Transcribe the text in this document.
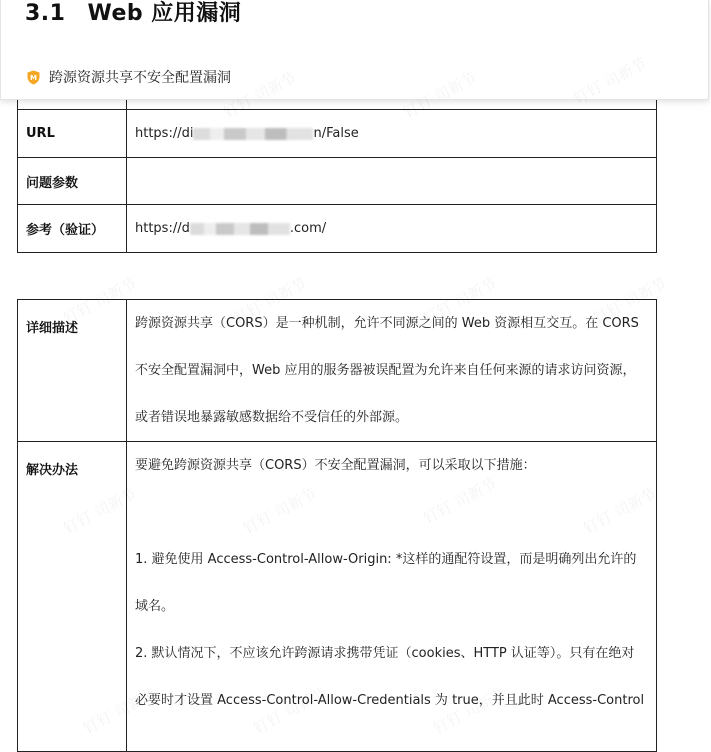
3.1 Web 应用漏洞
M 跨源资源共享不安全配置漏洞

URL	https://di n/False
问题参数	
参考（验证）	https://d .com/
详细描述	跨源资源共享（CORS）是一种机制，允许不同源之间的 Web 资源相互交互。在 CORS

不安全配置漏洞中，Web 应用的服务器被误配置为允许来自任何来源的请求访问资源，

或者错误地暴露敏感数据给不受信任的外部源。

解决办法	要避免跨源资源共享（CORS）不安全配置漏洞，可以采取以下措施：

1. 避免使用 Access-Control-Allow-Origin: *这样的通配符设置，而是明确列出允许的

域名。

2. 默认情况下，不应该允许跨源请求携带凭证（cookies、HTTP 认证等）。只有在绝对

必要时才设置 Access-Control-Allow-Credentials 为 true，并且此时 Access-Control

钉钉 司新节	钉钉 司新节	钉钉 司新节	钉钉 司新节
钉钉 司新节	钉钉 司新节	钉钉 司新节	钉钉 司新节
钉钉 司新节	钉钉 司新节	钉钉 司新节
